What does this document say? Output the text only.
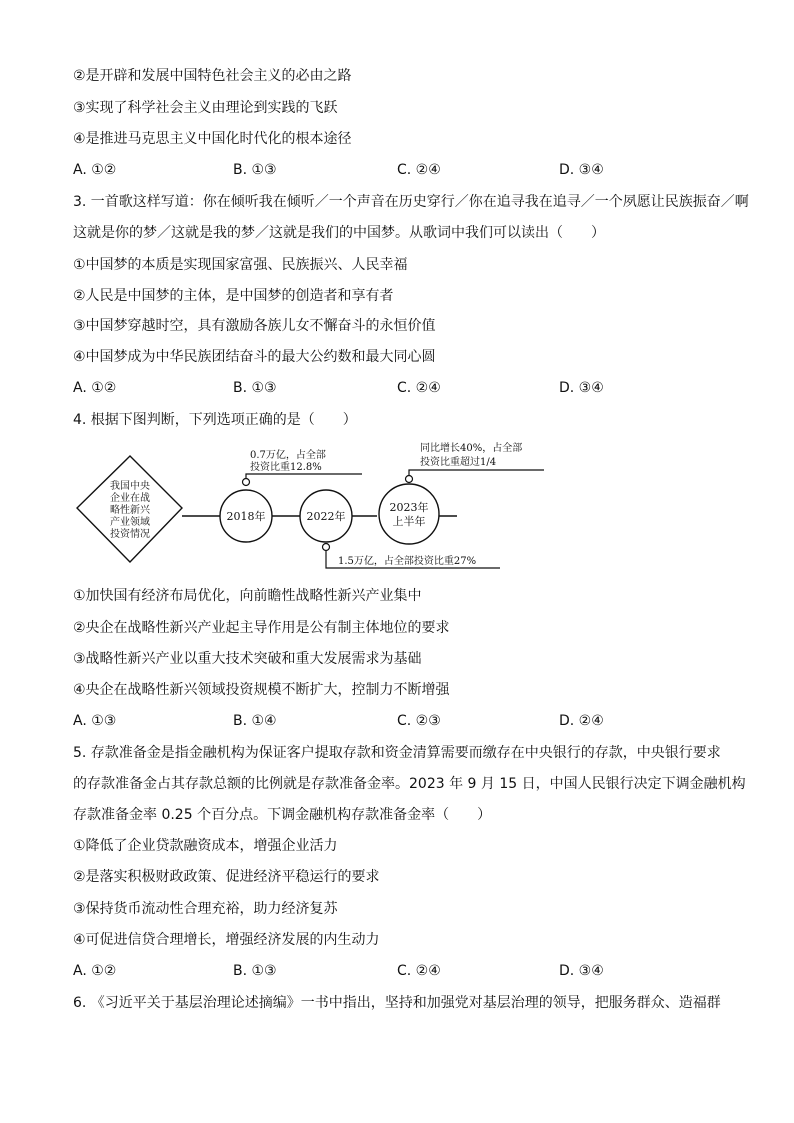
②是开辟和发展中国特色社会主义的必由之路
③实现了科学社会主义由理论到实践的飞跃
④是推进马克思主义中国化时代化的根本途径
A. ①②	B. ①③	C. ②④	D. ③④
3. 一首歌这样写道：你在倾听我在倾听／一个声音在历史穿行／你在追寻我在追寻／一个夙愿让民族振奋／啊
这就是你的梦／这就是我的梦／这就是我们的中国梦。从歌词中我们可以读出（　　）
①中国梦的本质是实现国家富强、民族振兴、人民幸福
②人民是中国梦的主体，是中国梦的创造者和享有者
③中国梦穿越时空，具有激励各族儿女不懈奋斗的永恒价值
④中国梦成为中华民族团结奋斗的最大公约数和最大同心圆
A. ①②	B. ①③	C. ②④	D. ③④
4. 根据下图判断，下列选项正确的是（　　）
我国中央
企业在战
略性新兴
产业领域
投资情况
2018年
0.7万亿，占全部
投资比重12.8%
2022年
1.5万亿，占全部投资比重27%
2023年
上半年
同比增长40%，占全部
投资比重超过1/4
①加快国有经济布局优化，向前瞻性战略性新兴产业集中
②央企在战略性新兴产业起主导作用是公有制主体地位的要求
③战略性新兴产业以重大技术突破和重大发展需求为基础
④央企在战略性新兴领域投资规模不断扩大，控制力不断增强
A. ①③	B. ①④	C. ②③	D. ②④
5. 存款准备金是指金融机构为保证客户提取存款和资金清算需要而缴存在中央银行的存款，中央银行要求
的存款准备金占其存款总额的比例就是存款准备金率。2023 年 9 月 15 日，中国人民银行决定下调金融机构
存款准备金率 0.25 个百分点。下调金融机构存款准备金率（　　）
①降低了企业贷款融资成本，增强企业活力
②是落实积极财政政策、促进经济平稳运行的要求
③保持货币流动性合理充裕，助力经济复苏
④可促进信贷合理增长，增强经济发展的内生动力
A. ①②	B. ①③	C. ②④	D. ③④
6. 《习近平关于基层治理论述摘编》一书中指出，坚持和加强党对基层治理的领导，把服务群众、造福群
